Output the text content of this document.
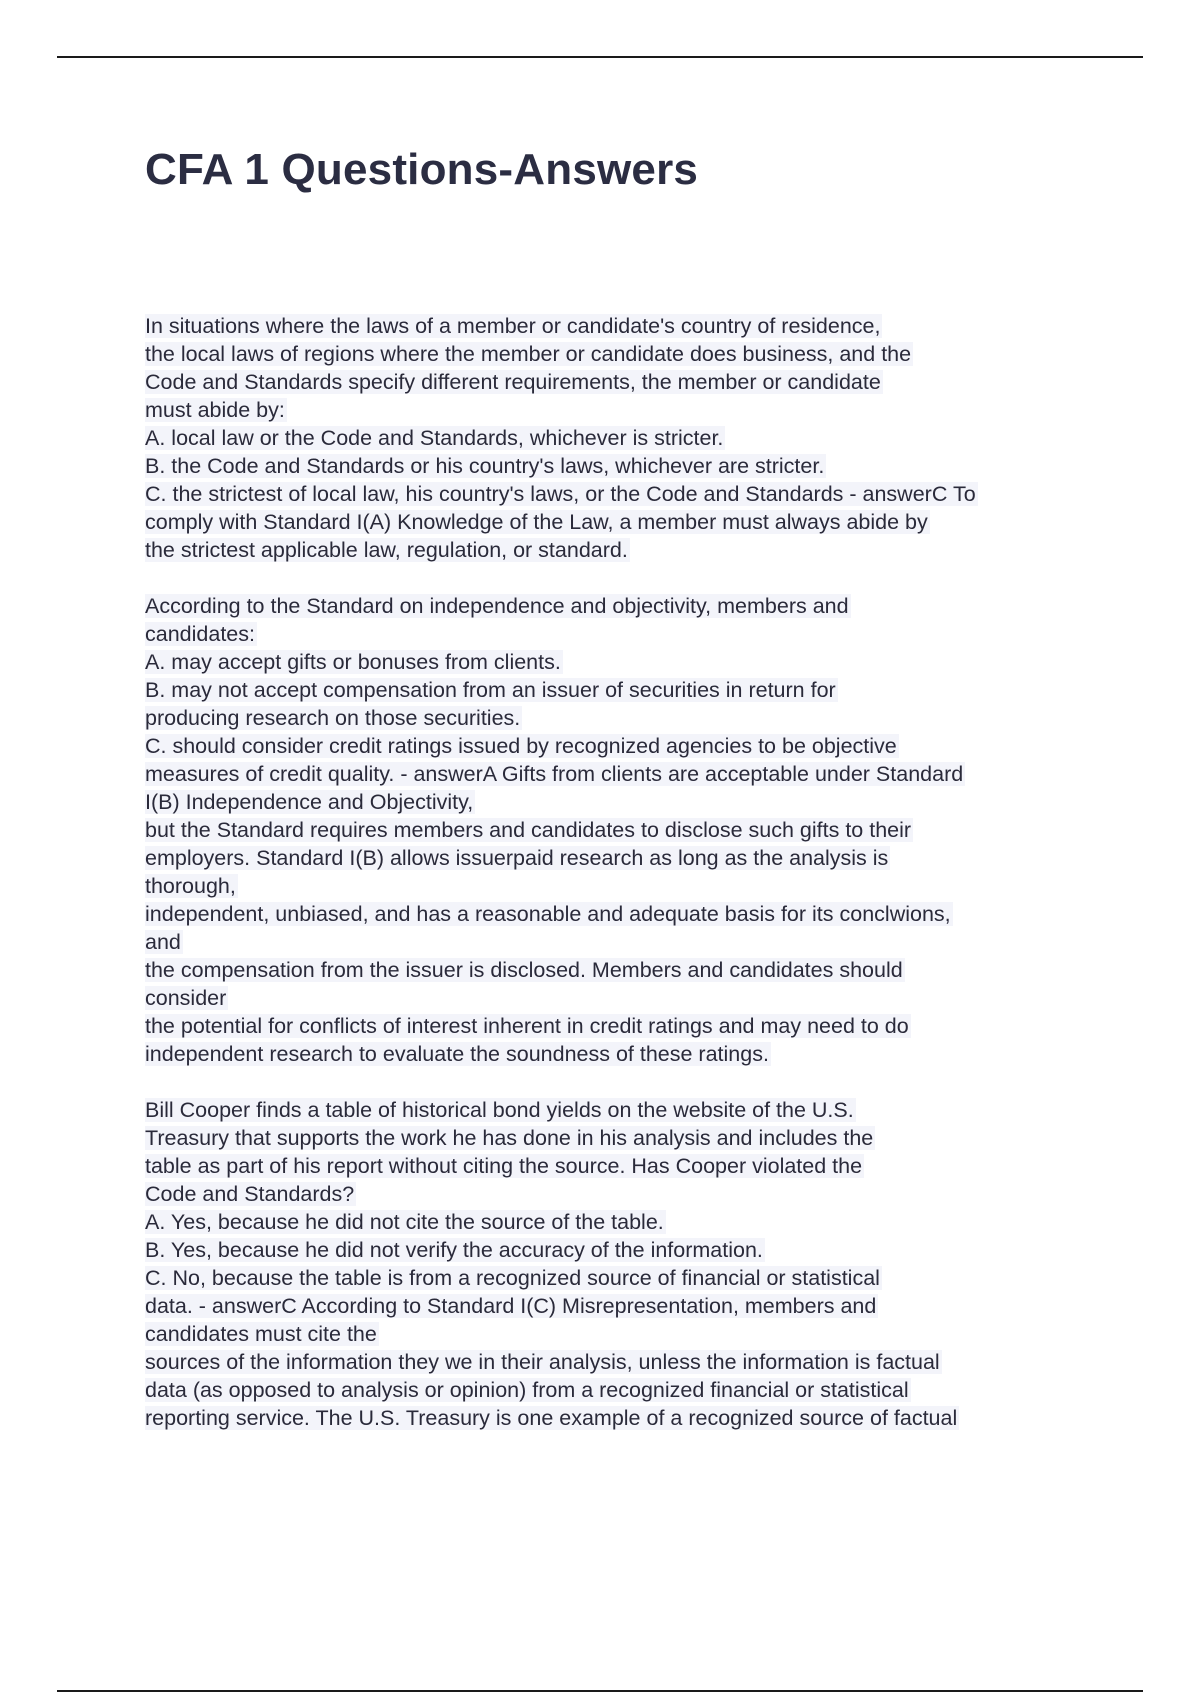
CFA 1 Questions-Answers
In situations where the laws of a member or candidate's country of residence,
the local laws of regions where the member or candidate does business, and the
Code and Standards specify different requirements, the member or candidate
must abide by:
A. local law or the Code and Standards, whichever is stricter.
B. the Code and Standards or his country's laws, whichever are stricter.
C. the strictest of local law, his country's laws, or the Code and Standards - answerC To
comply with Standard I(A) Knowledge of the Law, a member must always abide by
the strictest applicable law, regulation, or standard.
According to the Standard on independence and objectivity, members and
candidates:
A. may accept gifts or bonuses from clients.
B. may not accept compensation from an issuer of securities in return for
producing research on those securities.
C. should consider credit ratings issued by recognized agencies to be objective
measures of credit quality. - answerA Gifts from clients are acceptable under Standard
I(B) Independence and Objectivity,
but the Standard requires members and candidates to disclose such gifts to their
employers. Standard I(B) allows issuerpaid research as long as the analysis is
thorough,
independent, unbiased, and has a reasonable and adequate basis for its conclwions,
and
the compensation from the issuer is disclosed. Members and candidates should
consider
the potential for conflicts of interest inherent in credit ratings and may need to do
independent research to evaluate the soundness of these ratings.
Bill Cooper finds a table of historical bond yields on the website of the U.S.
Treasury that supports the work he has done in his analysis and includes the
table as part of his report without citing the source. Has Cooper violated the
Code and Standards?
A. Yes, because he did not cite the source of the table.
B. Yes, because he did not verify the accuracy of the information.
C. No, because the table is from a recognized source of financial or statistical
data. - answerC According to Standard I(C) Misrepresentation, members and
candidates must cite the
sources of the information they we in their analysis, unless the information is factual
data (as opposed to analysis or opinion) from a recognized financial or statistical
reporting service. The U.S. Treasury is one example of a recognized source of factual
